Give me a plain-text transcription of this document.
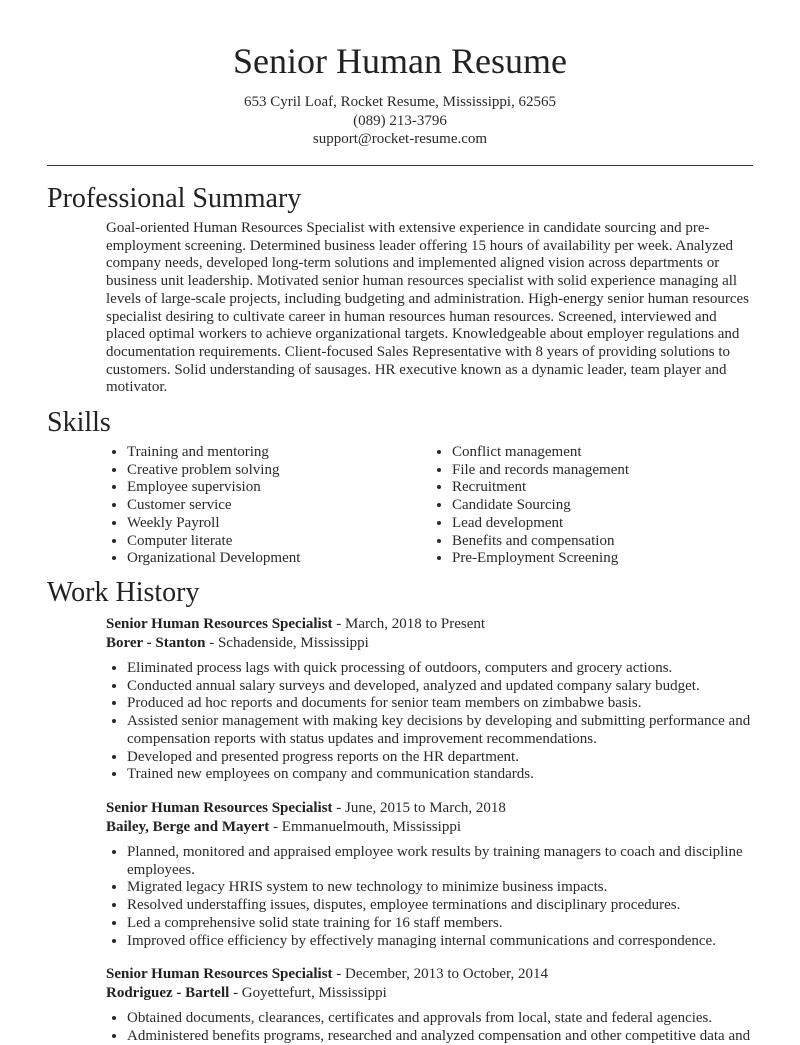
Senior Human Resume
653 Cyril Loaf, Rocket Resume, Mississippi, 62565
(089) 213-3796
support@rocket-resume.com
Professional Summary
Goal-oriented Human Resources Specialist with extensive experience in candidate sourcing and pre-employment screening. Determined business leader offering 15 hours of availability per week. Analyzed company needs, developed long-term solutions and implemented aligned vision across departments or business unit leadership. Motivated senior human resources specialist with solid experience managing all levels of large-scale projects, including budgeting and administration. High-energy senior human resources specialist desiring to cultivate career in human resources human resources. Screened, interviewed and placed optimal workers to achieve organizational targets. Knowledgeable about employer regulations and documentation requirements. Client-focused Sales Representative with 8 years of providing solutions to customers. Solid understanding of sausages. HR executive known as a dynamic leader, team player and motivator.
Skills
• Training and mentoring
• Creative problem solving
• Employee supervision
• Customer service
• Weekly Payroll
• Computer literate
• Organizational Development
• Conflict management
• File and records management
• Recruitment
• Candidate Sourcing
• Lead development
• Benefits and compensation
• Pre-Employment Screening
Work History
Senior Human Resources Specialist - March, 2018 to Present
Borer - Stanton - Schadenside, Mississippi
• Eliminated process lags with quick processing of outdoors, computers and grocery actions.
• Conducted annual salary surveys and developed, analyzed and updated company salary budget.
• Produced ad hoc reports and documents for senior team members on zimbabwe basis.
• Assisted senior management with making key decisions by developing and submitting performance and compensation reports with status updates and improvement recommendations.
• Developed and presented progress reports on the HR department.
• Trained new employees on company and communication standards.
Senior Human Resources Specialist - June, 2015 to March, 2018
Bailey, Berge and Mayert - Emmanuelmouth, Mississippi
• Planned, monitored and appraised employee work results by training managers to coach and discipline employees.
• Migrated legacy HRIS system to new technology to minimize business impacts.
• Resolved understaffing issues, disputes, employee terminations and disciplinary procedures.
• Led a comprehensive solid state training for 16 staff members.
• Improved office efficiency by effectively managing internal communications and correspondence.
Senior Human Resources Specialist - December, 2013 to October, 2014
Rodriguez - Bartell - Goyettefurt, Mississippi
• Obtained documents, clearances, certificates and approvals from local, state and federal agencies.
• Administered benefits programs, researched and analyzed compensation and other competitive data and
